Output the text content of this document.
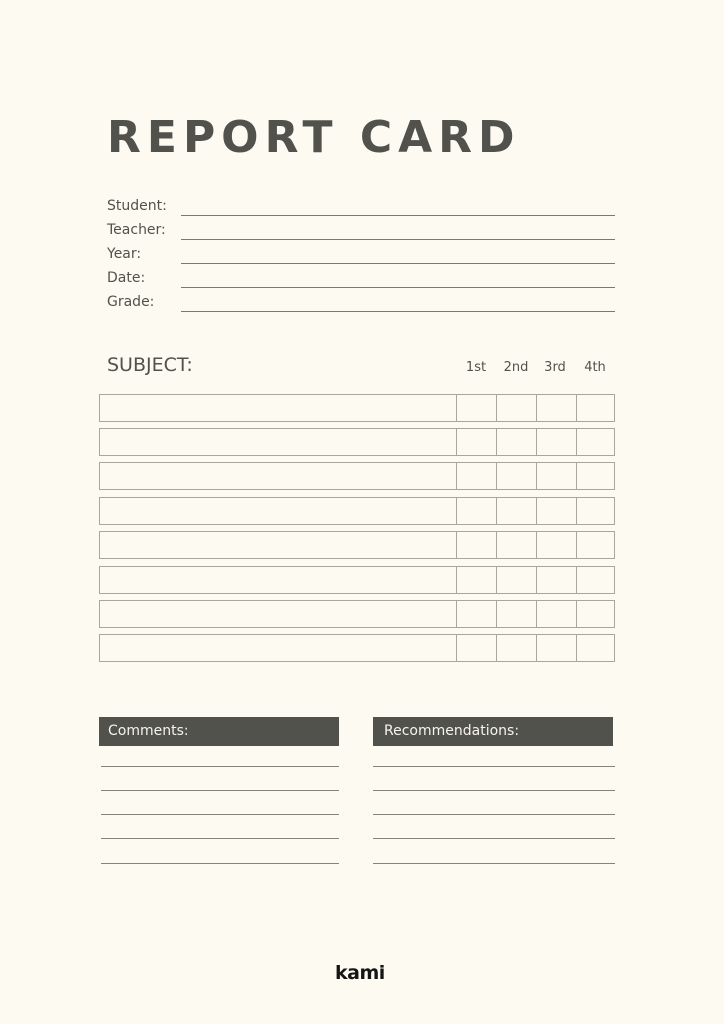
REPORT CARD
Student:
Teacher:
Year:
Date:
Grade:
SUBJECT:	1st	2nd	3rd	4th
Comments:	Recommendations:
kami
